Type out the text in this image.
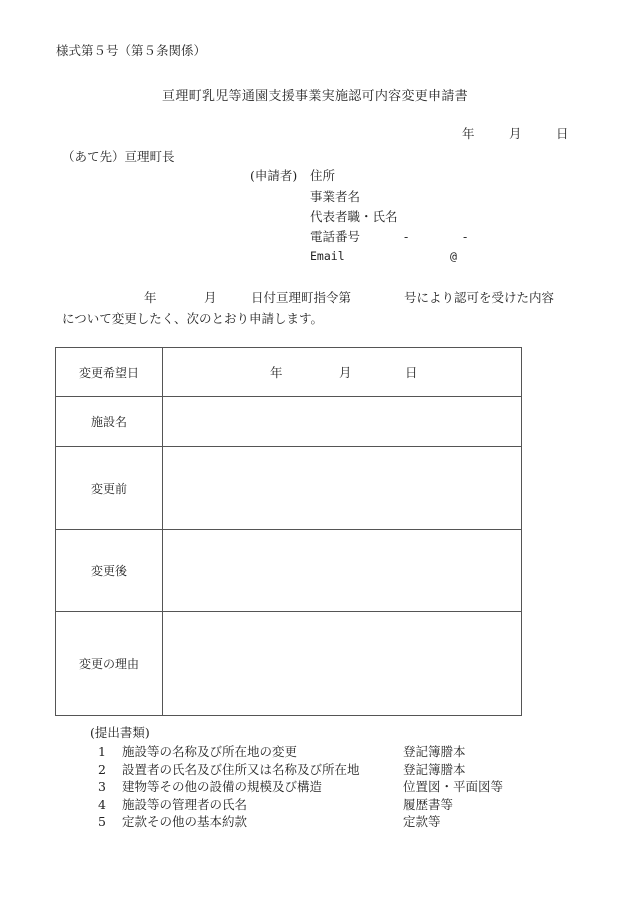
様式第５号（第５条関係）
亘理町乳児等通園支援事業実施認可内容変更申請書
年	月	日
（あて先）亘理町長
(申請者) 住所
事業者名
代表者職・氏名
電話番号	-	-
Email	@
年	月	日付亘理町指令第	号により認可を受けた内容
について変更したく、次のとおり申請します。
変更希望日	年 月 日

施設名	
変更前	
変更後	
変更の理由	
(提出書類)
1 施設等の名称及び所在地の変更	登記簿謄本
2 設置者の氏名及び住所又は名称及び所在地	登記簿謄本
3 建物等その他の設備の規模及び構造	位置図・平面図等
4 施設等の管理者の氏名	履歴書等
5 定款その他の基本約款	定款等
